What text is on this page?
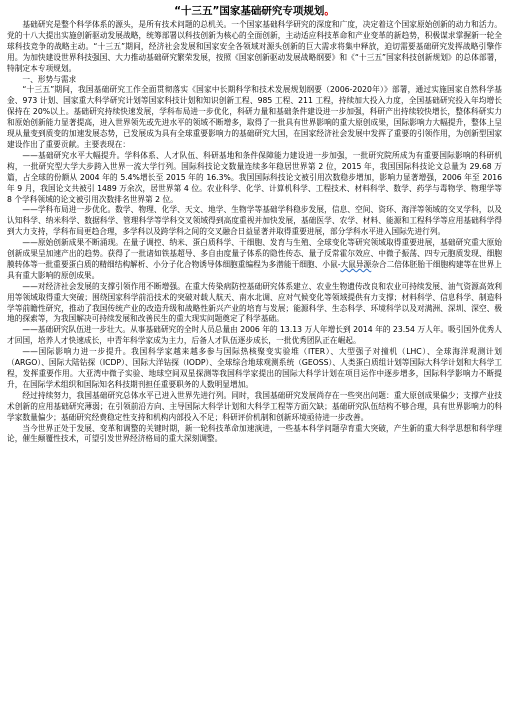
“十三五”国家基础研究专项规划。

基础研究是整个科学体系的源头，是所有技术问题的总机关。一个国家基础科学研究的深度和广度，决定着这个国家原始创新的动力和活力。党的十八大提出实施创新驱动发展战略，统筹部署以科技创新为核心的全面创新，主动适应科技革命和产业变革的新趋势，积极谋求掌握新一轮全球科技竞争的战略主动。“十三五”期间，经济社会发展和国家安全各领域对源头创新的巨大需求将集中释放，迫切需要基础研究发挥战略引擎作用。为加快建设世界科技强国、大力推动基础研究繁荣发展，按照《国家创新驱动发展战略纲要》和《“十三五”国家科技创新规划》的总体部署，特制定本专项规划。

一、形势与需求

“十三五”期间，我国基础研究工作全面贯彻落实《国家中长期科学和技术发展规划纲要（2006-2020年）》部署，通过实施国家自然科学基金、973 计划、国家重大科学研究计划等国家科技计划和知识创新工程、985 工程、211 工程，持续加大投入力度，全国基础研究投入年均增长保持在 20%以上。基础研究持续快速发展，学科布局进一步优化，科研力量和基础条件建设进一步加强，科研产出持续较快增长，整体科研实力和原始创新能力显著提高，进入世界领先或先进水平的领域不断增多，取得了一批具有世界影响的重大原创成果，国际影响力大幅提升，整体上呈现从量变到质变的加速发展态势，已发展成为具有全球重要影响力的基础研究大国，在国家经济社会发展中发挥了重要的引领作用，为创新型国家建设作出了重要贡献。主要表现在：

——基础研究水平大幅提升。学科体系、人才队伍、科研基地和条件保障能力建设进一步加强，一批研究院所成为有重要国际影响的科研机构，一批研究型大学大步跨入世界一流大学行列。国际科技论文数量连续多年稳居世界第 2 位，2015 年，我国国际科技论文总量为 29.68 万篇，占全球的份额从 2004 年的 5.4%增长至 2015 年的 16.3%。我国国际科技论文被引用次数稳步增加，影响力显著增强，2006 年至 2016 年 9 月，我国论文共被引 1489 万余次，居世界第 4 位。农业科学、化学、计算机科学、工程技术、材料科学、数学、药学与毒物学、物理学等 8 个学科领域的论文被引用次数排名世界第 2 位。

——学科布局进一步优化。数学、物理、化学、天文、地学、生物学等基础学科稳步发展，信息、空间、资环、海洋等领域的交叉学科，以及认知科学、纳米科学、数据科学、管理科学等学科交叉领域得到高度重视并加快发展，基础医学、农学、材料、能源和工程科学等应用基础科学得到大力支持，学科布局更趋合理，多学科以及跨学科之间的交叉融合日益显著并取得重要进展，部分学科水平进入国际先进行列。

——原始创新成果不断涌现。在量子调控、纳米、蛋白质科学、干细胞、发育与生殖、全球变化等研究领域取得重要进展，基础研究重大原始创新成果呈加速产出的趋势。获得了一批诸如铁基超导、多自由度量子体系的隐性传态、量子反常霍尔效应、中微子振荡、四专元胞质发现、细胞膜转体等一批重要蛋白质的精细结构解析、小分子化合物诱导体细胞重编程为多潜能干细胞、小鼠-大鼠异源杂合二倍体胚胎干细胞构建等在世界上具有重大影响的原创成果。

——对经济社会发展的支撑引领作用不断增强。在重大传染病防控基础研究体系建立、农业生物遗传改良和农业可持续发展、油气资源高效利用等领域取得重大突破；围绕国家科学前沿技术的突破对载人航天、南水北调、应对气候变化等领域提供有力支撑；材料科学、信息科学、制造科学等前瞻性研究，推动了我国传统产业的改造升级和战略性新兴产业的培育与发展；能源科学、生态科学、环境科学以及对满洲、深圳、深空、极地的探索等，为我国解决可持续发展和改善民生的重大现实问题奠定了科学基础。

——基础研究队伍进一步壮大。从事基础研究的全时人员总量由 2006 年的 13.13 万人年增长到 2014 年的 23.54 万人年。吸引国外优秀人才回国，培养人才快速成长，中青年科学家成为主力，后备人才队伍逐步成长，一批优秀团队正在崛起。

——国际影响力进一步提升。我国科学家越来越多参与国际热核聚变实验堆（ITER）、大型强子对撞机（LHC）、全球海洋观测计划（ARGO）、国际大陆钻探（ICDP）、国际大洋钻探（IODP）、全球综合地球观测系统（GEOSS）、人类蛋白质组计划等国际大科学计划和大科学工程，发挥重要作用。大亚湾中微子实验、地球空间双星探测等我国科学家提出的国际大科学计划在项目运作中逐步增多，国际科学影响力不断提升，在国际学术组织和国际知名科技期刊担任重要职务的人数明显增加。

经过持续努力，我国基础研究总体水平已进入世界先进行列。同时，我国基础研究发展尚存在一些突出问题：重大原创成果偏少；支撑产业技术创新的应用基础研究薄弱；在引领前沿方向、主导国际大科学计划和大科学工程等方面欠缺；基础研究队伍结构不够合理，具有世界影响力的科学家数量偏少；基础研究经费稳定性支持和机构内部投入不足；科研评价机制和创新环境亟待进一步改善。

当今世界正处于发展、变革和调整的关键时期，新一轮科技革命加速演进，一些基本科学问题孕育重大突破，产生新的重大科学思想和科学理论，催生颠覆性技术，可望引发世界经济格局的重大深刻调整。
